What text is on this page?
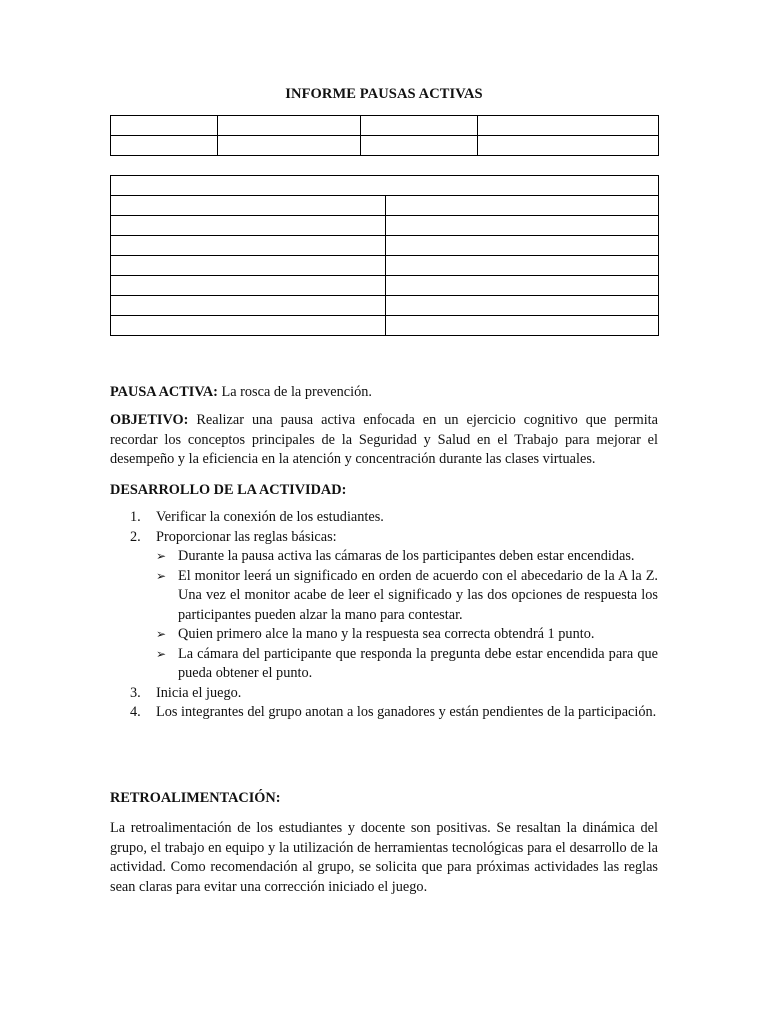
INFORME PAUSAS ACTIVAS

PAUSA ACTIVA: La rosca de la prevención.

OBJETIVO: Realizar una pausa activa enfocada en un ejercicio cognitivo que permita recordar los conceptos principales de la Seguridad y Salud en el Trabajo para mejorar el desempeño y la eficiencia en la atención y concentración durante las clases virtuales.

DESARROLLO DE LA ACTIVIDAD:

1. Verificar la conexión de los estudiantes.
2. Proporcionar las reglas básicas:
➢ Durante la pausa activa las cámaras de los participantes deben estar encendidas.
➢ El monitor leerá un significado en orden de acuerdo con el abecedario de la A la Z. Una vez el monitor acabe de leer el significado y las dos opciones de respuesta los participantes pueden alzar la mano para contestar.
➢ Quien primero alce la mano y la respuesta sea correcta obtendrá 1 punto.
➢ La cámara del participante que responda la pregunta debe estar encendida para que pueda obtener el punto.
3. Inicia el juego.
4. Los integrantes del grupo anotan a los ganadores y están pendientes de la participación.

RETROALIMENTACIÓN:

La retroalimentación de los estudiantes y docente son positivas. Se resaltan la dinámica del grupo, el trabajo en equipo y la utilización de herramientas tecnológicas para el desarrollo de la actividad. Como recomendación al grupo, se solicita que para próximas actividades las reglas sean claras para evitar una corrección iniciado el juego.
